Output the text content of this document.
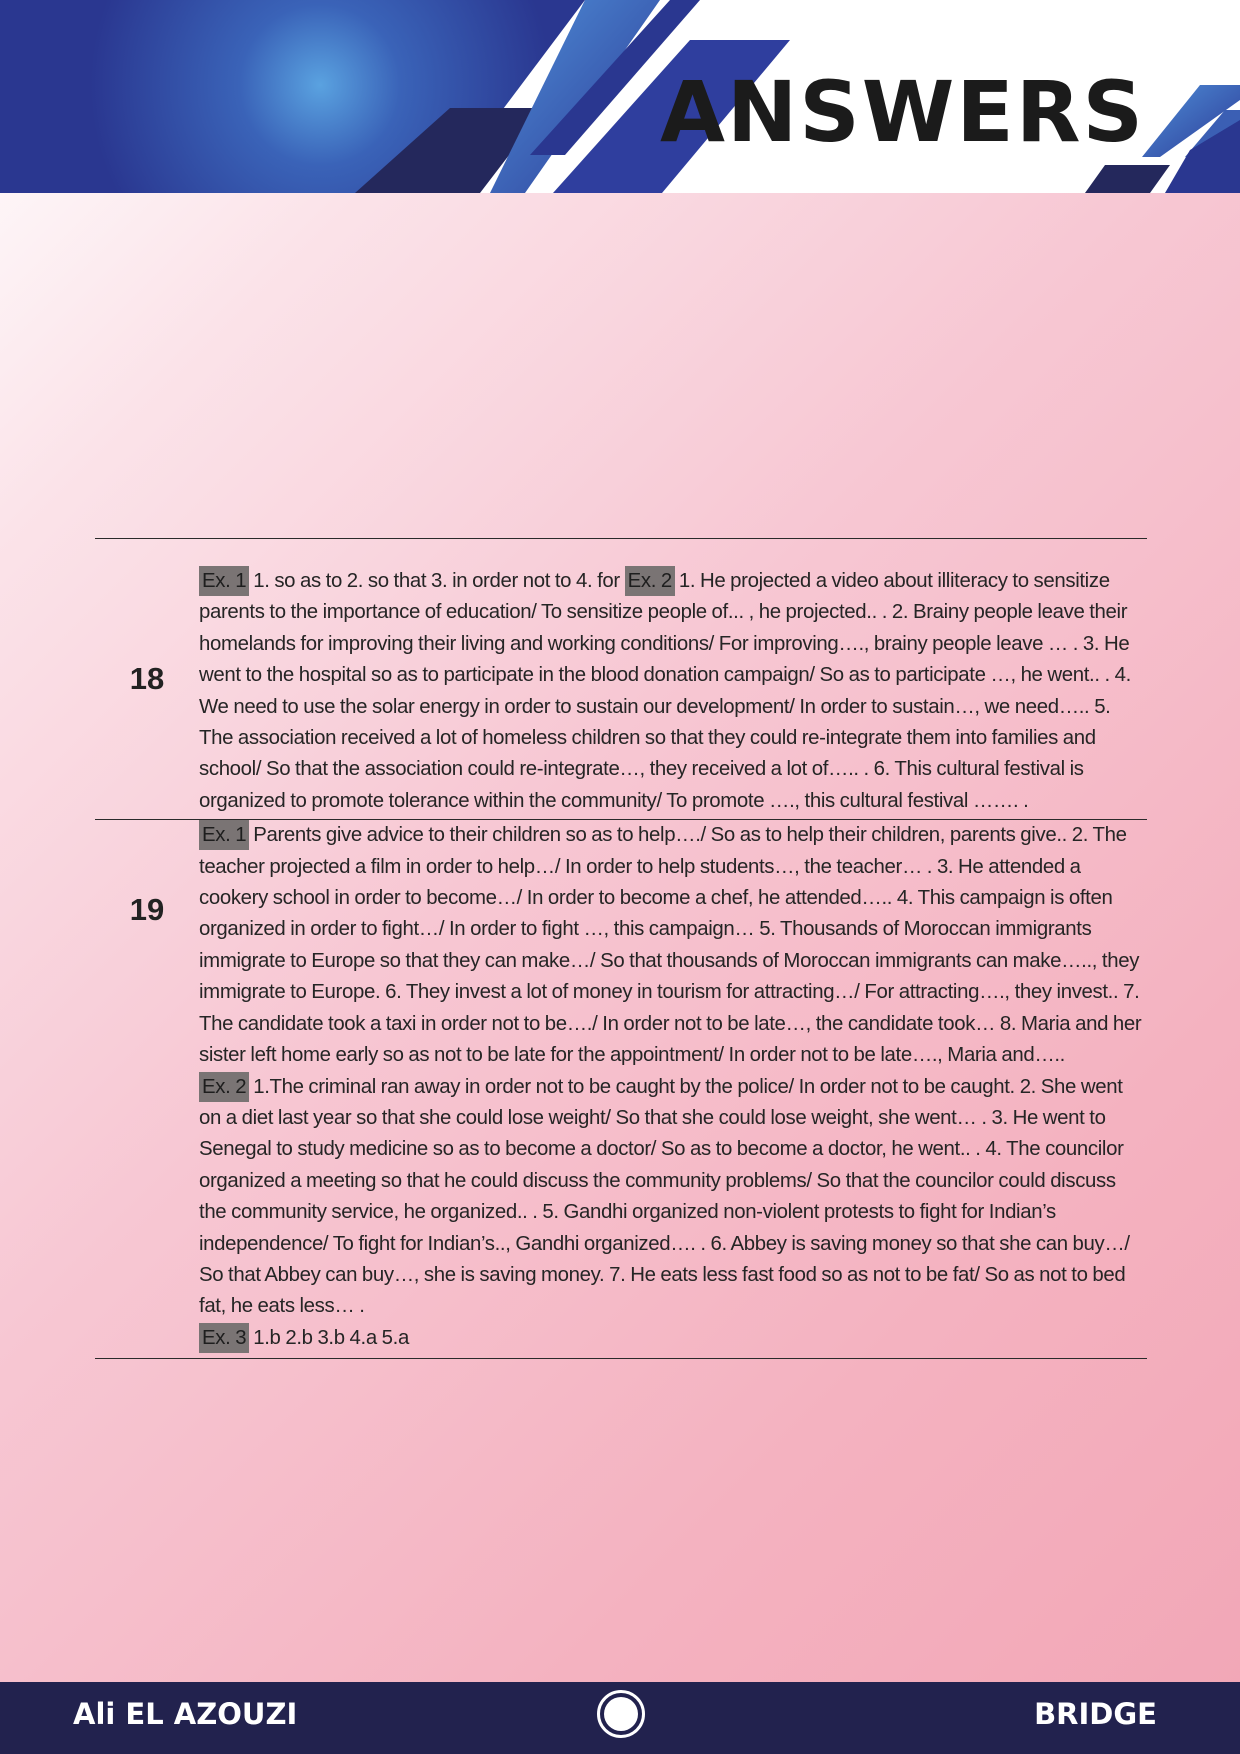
ANSWERS
18

Ex. 1 1. so as to 2. so that 3. in order not to 4. for Ex. 2 1. He projected a video about illiteracy to sensitize parents to the importance of education/ To sensitize people of... , he projected.. . 2. Brainy people leave their homelands for improving their living and working conditions/ For improving…., brainy people leave … . 3. He went to the hospital so as to participate in the blood donation campaign/ So as to participate …, he went.. . 4. We need to use the solar energy in order to sustain our development/ In order to sustain…, we need….. 5. The association received a lot of homeless children so that they could re-integrate them into families and school/ So that the association could re-integrate…, they received a lot of….. . 6. This cultural festival is organized to promote tolerance within the community/ To promote …., this cultural festival ……. .

19

Ex. 1 Parents give advice to their children so as to help…./ So as to help their children, parents give.. 2. The teacher projected a film in order to help…/ In order to help students…, the teacher… . 3. He attended a cookery school in order to become…/ In order to become a chef, he attended….. 4. This campaign is often organized in order to fight…/ In order to fight …, this campaign… 5. Thousands of Moroccan immigrants immigrate to Europe so that they can make…/ So that thousands of Moroccan immigrants can make….., they immigrate to Europe. 6. They invest a lot of money in tourism for attracting…/ For attracting…., they invest.. 7. The candidate took a taxi in order not to be…./ In order not to be late…, the candidate took… 8. Maria and her sister left home early so as not to be late for the appointment/ In order not to be late…., Maria and…..

Ex. 2 1.The criminal ran away in order not to be caught by the police/ In order not to be caught. 2. She went on a diet last year so that she could lose weight/ So that she could lose weight, she went… . 3. He went to Senegal to study medicine so as to become a doctor/ So as to become a doctor, he went.. . 4. The councilor organized a meeting so that he could discuss the community problems/ So that the councilor could discuss the community service, he organized.. . 5. Gandhi organized non-violent protests to fight for Indian’s independence/ To fight for Indian’s.., Gandhi organized…. . 6. Abbey is saving money so that she can buy…/ So that Abbey can buy…, she is saving money. 7. He eats less fast food so as not to be fat/ So as not to bed fat, he eats less… .

Ex. 3 1.b 2.b 3.b 4.a 5.a

Ali EL AZOUZI	BRIDGE
